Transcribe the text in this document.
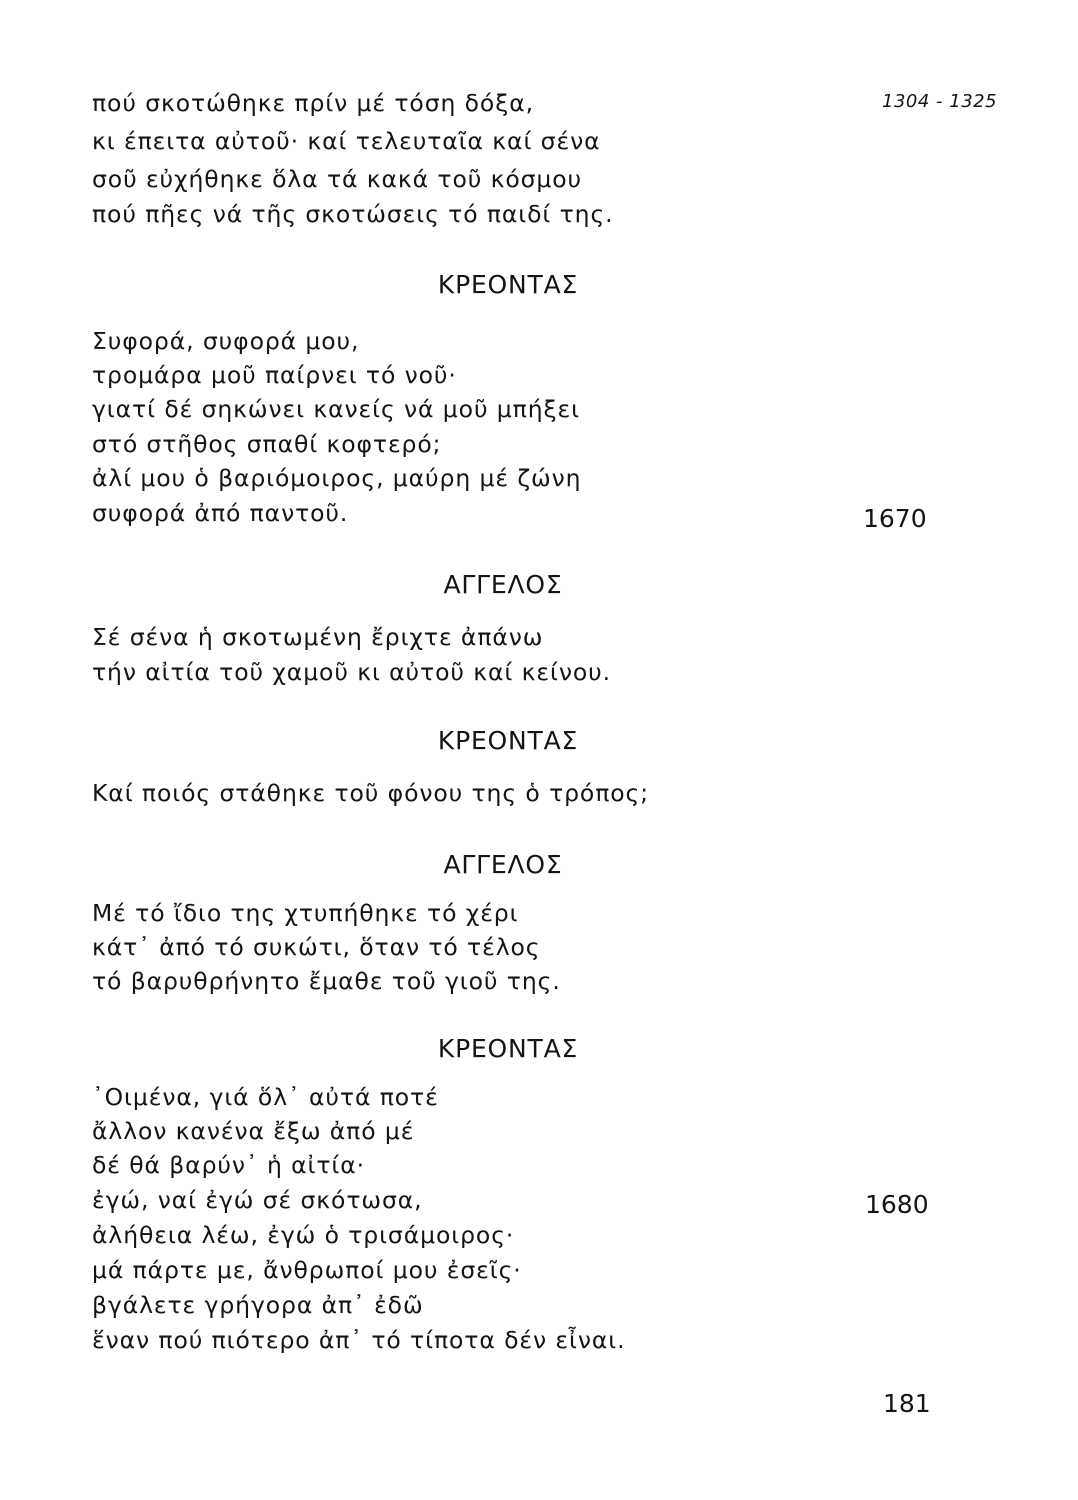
1304 - 1325
πού σκοτώθηκε πρίν μέ τόση δόξα,
κι έπειτα αὐτοῦ· καί τελευταῖα καί σένα
σοῦ εὐχήθηκε ὅλα τά κακά τοῦ κόσμου
πού πῆες νά τῆς σκοτώσεις τό παιδί της.
ΚΡΕΟΝΤΑΣ
Συφορά, συφορά μου,
τρομάρα μοῦ παίρνει τό νοῦ·
γιατί δέ σηκώνει κανείς νά μοῦ μπήξει
στό στῆθος σπαθί κοφτερό;
ἀλί μου ὁ βαριόμοιρος, μαύρη μέ ζώνη
συφορά ἀπό παντοῦ.	1670
ΑΓΓΕΛΟΣ
Σέ σένα ἡ σκοτωμένη ἔριχτε ἀπάνω
τήν αἰτία τοῦ χαμοῦ κι αὐτοῦ καί κείνου.
ΚΡΕΟΝΤΑΣ
Καί ποιός στάθηκε τοῦ φόνου της ὁ τρόπος;
ΑΓΓΕΛΟΣ
Μέ τό ἴδιο της χτυπήθηκε τό χέρι
κάτ᾽ ἀπό τό συκώτι, ὅταν τό τέλος
τό βαρυθρήνητο ἔμαθε τοῦ γιοῦ της.
ΚΡΕΟΝΤΑΣ
᾽Οιμένα, γιά ὅλ᾽ αὐτά ποτέ
ἄλλον κανένα ἔξω ἀπό μέ
δέ θά βαρύν᾽ ἡ αἰτία·
ἐγώ, ναί ἐγώ σέ σκότωσα,
ἀλήθεια λέω, ἐγώ ὁ τρισάμοιρος·
μά πάρτε με, ἄνθρωποί μου ἐσεῖς·
βγάλετε γρήγορα ἀπ᾽ ἐδῶ
ἕναν πού πιότερο ἀπ᾽ τό τίποτα δέν εἶναι.
1680
181
